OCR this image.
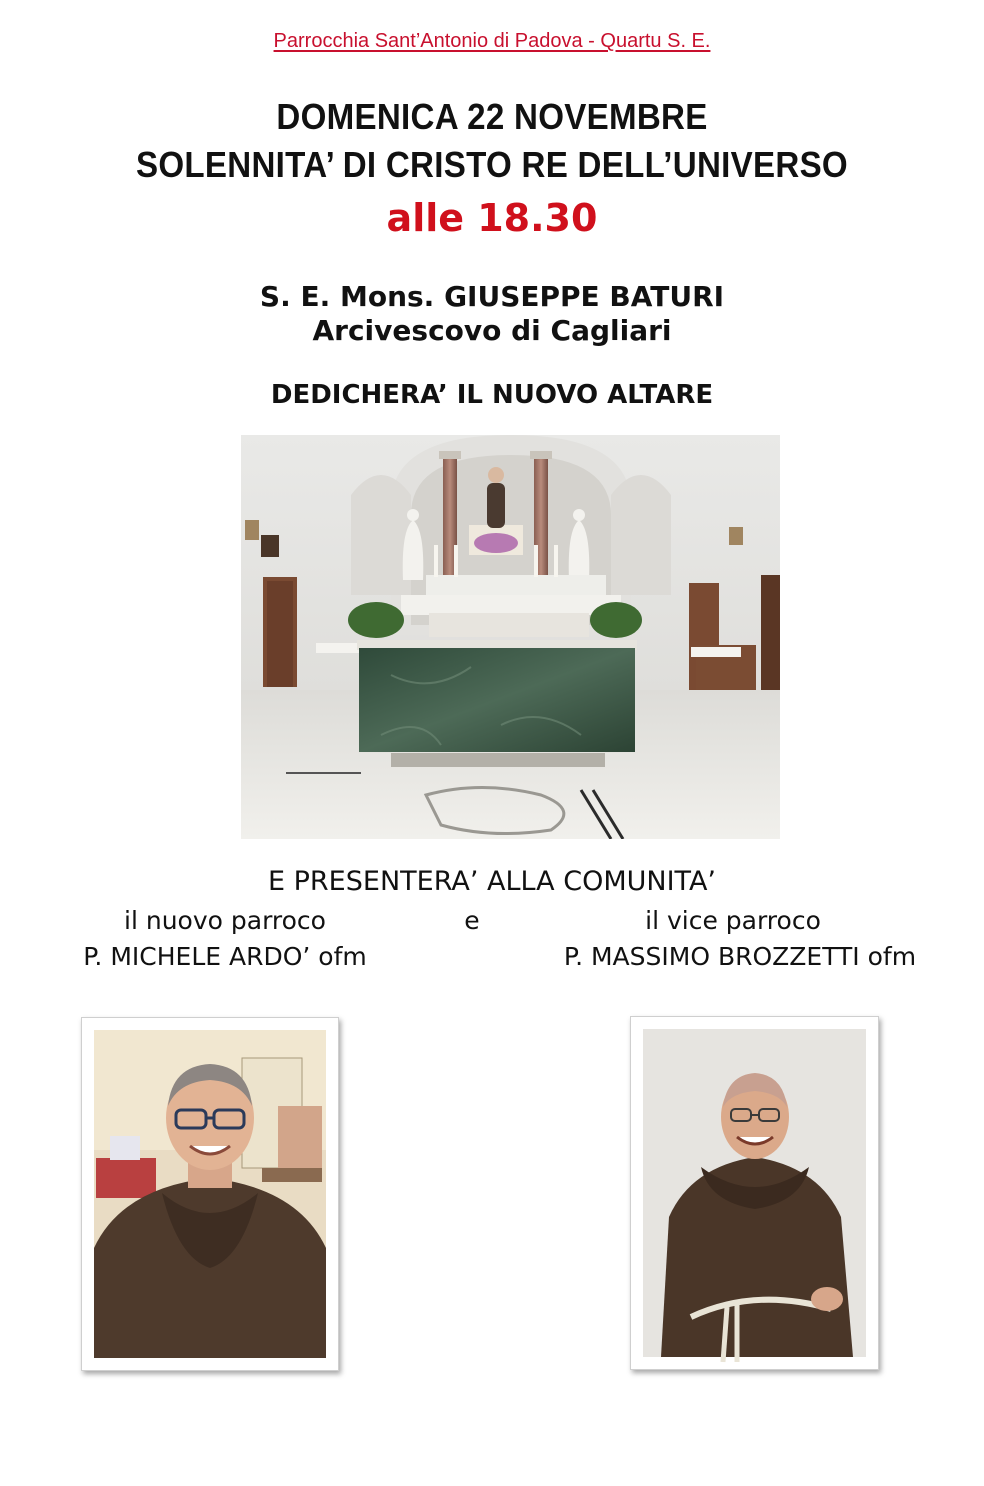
Parrocchia Sant’Antonio di Padova - Quartu S. E.
DOMENICA 22 NOVEMBRE
SOLENNITA’ DI CRISTO RE DELL’UNIVERSO
alle 18.30
S. E. Mons. GIUSEPPE BATURI
Arcivescovo di Cagliari
DEDICHERA’ IL NUOVO ALTARE
E PRESENTERA’ ALLA COMUNITA’
il nuovo parroco	e	il vice parroco
P. MICHELE ARDO’ ofm	P. MASSIMO BROZZETTI ofm
